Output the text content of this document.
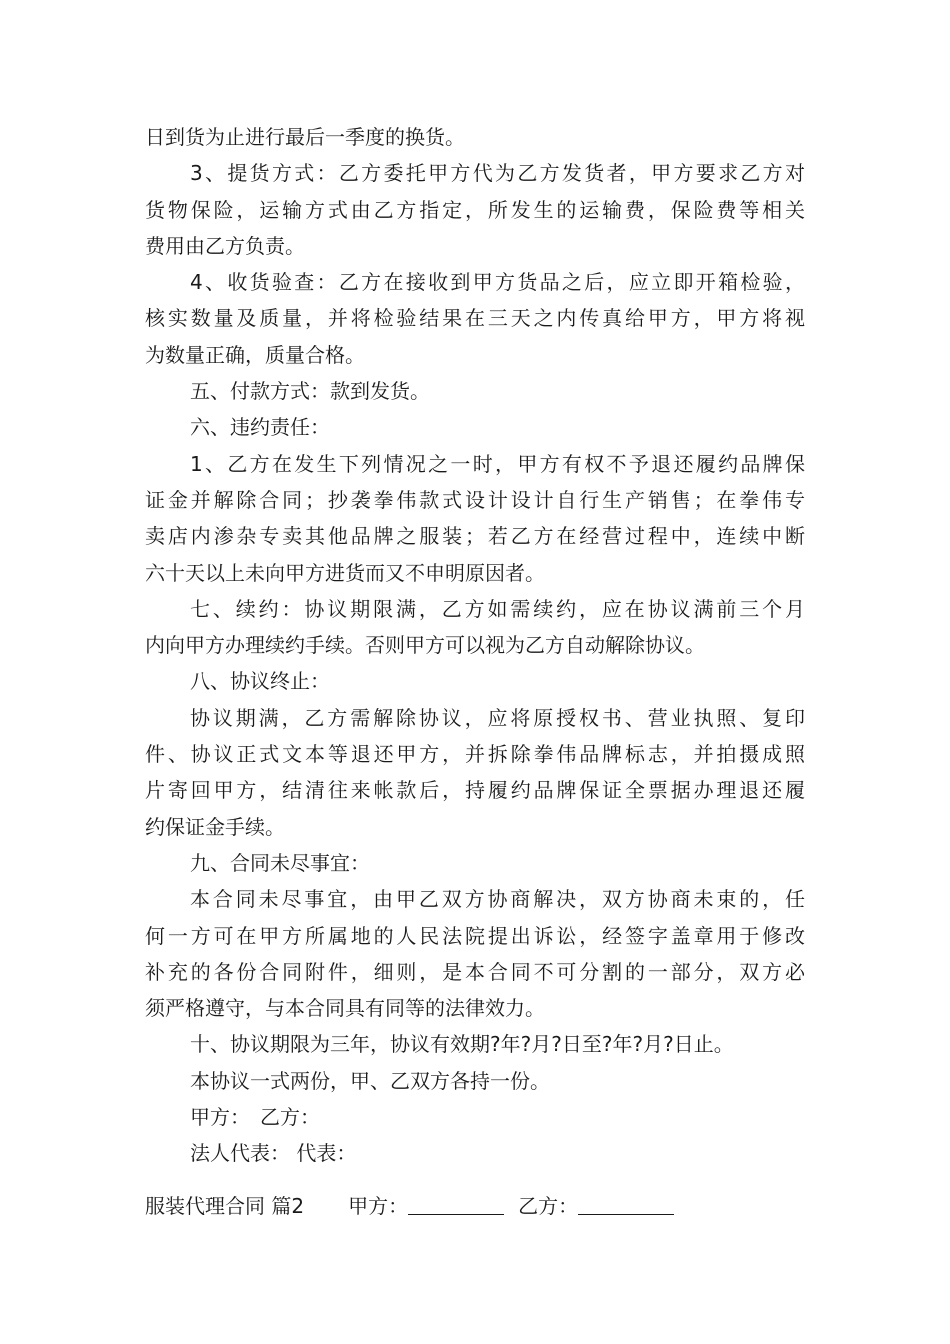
日到货为止进行最后一季度的换货。
3、提货方式：乙方委托甲方代为乙方发货者，甲方要求乙方对
货物保险，运输方式由乙方指定，所发生的运输费，保险费等相关
费用由乙方负责。
4、收货验查：乙方在接收到甲方货品之后，应立即开箱检验，
核实数量及质量，并将检验结果在三天之内传真给甲方，甲方将视
为数量正确，质量合格。
五、付款方式：款到发货。
六、违约责任：
1、乙方在发生下列情况之一时，甲方有权不予退还履约品牌保
证金并解除合同；抄袭拳伟款式设计设计自行生产销售；在拳伟专
卖店内渗杂专卖其他品牌之服装；若乙方在经营过程中，连续中断
六十天以上未向甲方进货而又不申明原因者。
七、续约：协议期限满，乙方如需续约，应在协议满前三个月
内向甲方办理续约手续。否则甲方可以视为乙方自动解除协议。
八、协议终止：
协议期满，乙方需解除协议，应将原授权书、营业执照、复印
件、协议正式文本等退还甲方，并拆除拳伟品牌标志，并拍摄成照
片寄回甲方，结清往来帐款后，持履约品牌保证全票据办理退还履
约保证金手续。
九、合同未尽事宜：
本合同未尽事宜，由甲乙双方协商解决，双方协商未束的，任
何一方可在甲方所属地的人民法院提出诉讼，经签字盖章用于修改
补充的各份合同附件，细则，是本合同不可分割的一部分，双方必
须严格遵守，与本合同具有同等的法律效力。
十、协议期限为三年，协议有效期?年?月?日至?年?月?日止。
本协议一式两份，甲、乙双方各持一份。
甲方：　乙方：
法人代表： 代表：
服装代理合同 篇2 甲方：	乙方：
